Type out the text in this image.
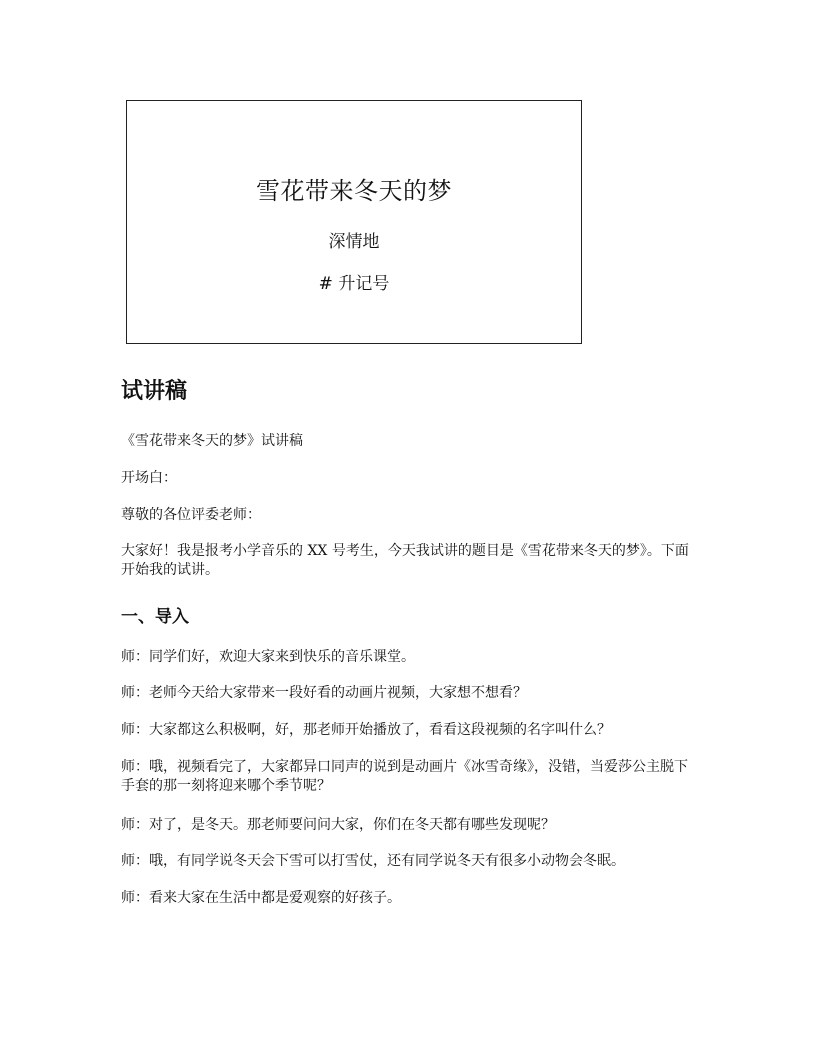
雪花带来冬天的梦
深情地
# 升记号
试讲稿
《雪花带来冬天的梦》试讲稿
开场白：
尊敬的各位评委老师：
大家好！我是报考小学音乐的 XX 号考生，今天我试讲的题目是《雪花带来冬天的梦》。下面开始我的试讲。
一、导入
师：同学们好，欢迎大家来到快乐的音乐课堂。
师：老师今天给大家带来一段好看的动画片视频，大家想不想看？
师：大家都这么积极啊，好，那老师开始播放了，看看这段视频的名字叫什么？
师：哦，视频看完了，大家都异口同声的说到是动画片《冰雪奇缘》，没错，当爱莎公主脱下手套的那一刻将迎来哪个季节呢？
师：对了，是冬天。那老师要问问大家，你们在冬天都有哪些发现呢？
师：哦，有同学说冬天会下雪可以打雪仗，还有同学说冬天有很多小动物会冬眠。
师：看来大家在生活中都是爱观察的好孩子。
